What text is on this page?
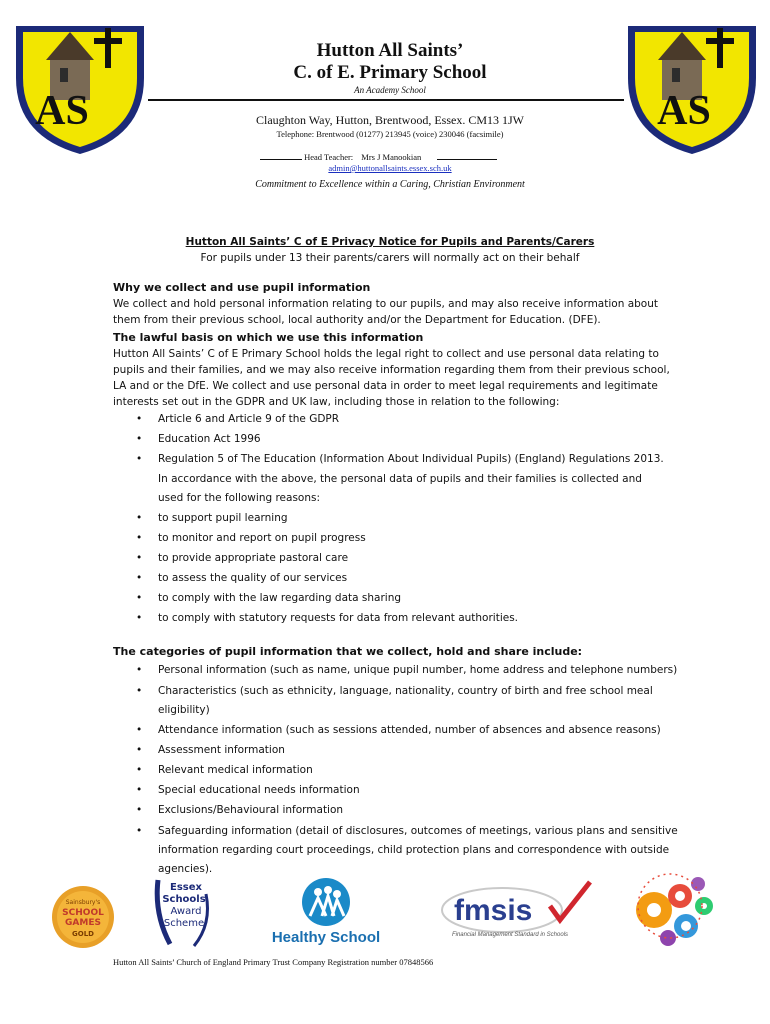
AS	AS
Hutton All Saints’
C. of E. Primary School
An Academy School
Claughton Way, Hutton, Brentwood, Essex. CM13 1JW
Telephone: Brentwood (01277) 213945 (voice) 230046 (facsimile)
Head Teacher: Mrs J Manookian
admin@huttonallsaints.essex.sch.uk
Commitment to Excellence within a Caring, Christian Environment
Hutton All Saints’ C of E Privacy Notice for Pupils and Parents/Carers
For pupils under 13 their parents/carers will normally act on their behalf
Why we collect and use pupil information
We collect and hold personal information relating to our pupils, and may also receive information about them from their previous school, local authority and/or the Department for Education. (DFE).
The lawful basis on which we use this information
Hutton All Saints’ C of E Primary School holds the legal right to collect and use personal data relating to pupils and their families, and we may also receive information regarding them from their previous school, LA and or the DfE. We collect and use personal data in order to meet legal requirements and legitimate interests set out in the GDPR and UK law, including those in relation to the following:
• Article 6 and Article 9 of the GDPR
• Education Act 1996
• Regulation 5 of The Education (Information About Individual Pupils) (England) Regulations 2013.
In accordance with the above, the personal data of pupils and their families is collected and used for the following reasons:
• to support pupil learning
• to monitor and report on pupil progress
• to provide appropriate pastoral care
• to assess the quality of our services
• to comply with the law regarding data sharing
• to comply with statutory requests for data from relevant authorities.
The categories of pupil information that we collect, hold and share include:
• Personal information (such as name, unique pupil number, home address and telephone numbers)
• Characteristics (such as ethnicity, language, nationality, country of birth and free school meal eligibility)
• Attendance information (such as sessions attended, number of absences and absence reasons)
• Assessment information
• Relevant medical information
• Special educational needs information
• Exclusions/Behavioural information
• Safeguarding information (detail of disclosures, outcomes of meetings, various plans and sensitive information regarding court proceedings, child protection plans and correspondence with outside agencies).
Sainsbury's
SCHOOL
GAMES
GOLD
Essex
Schools
Award
Scheme
Healthy School
fmsis
Financial Management Standard in Schools
Hutton All Saints’ Church of England Primary Trust Company Registration number 07848566
